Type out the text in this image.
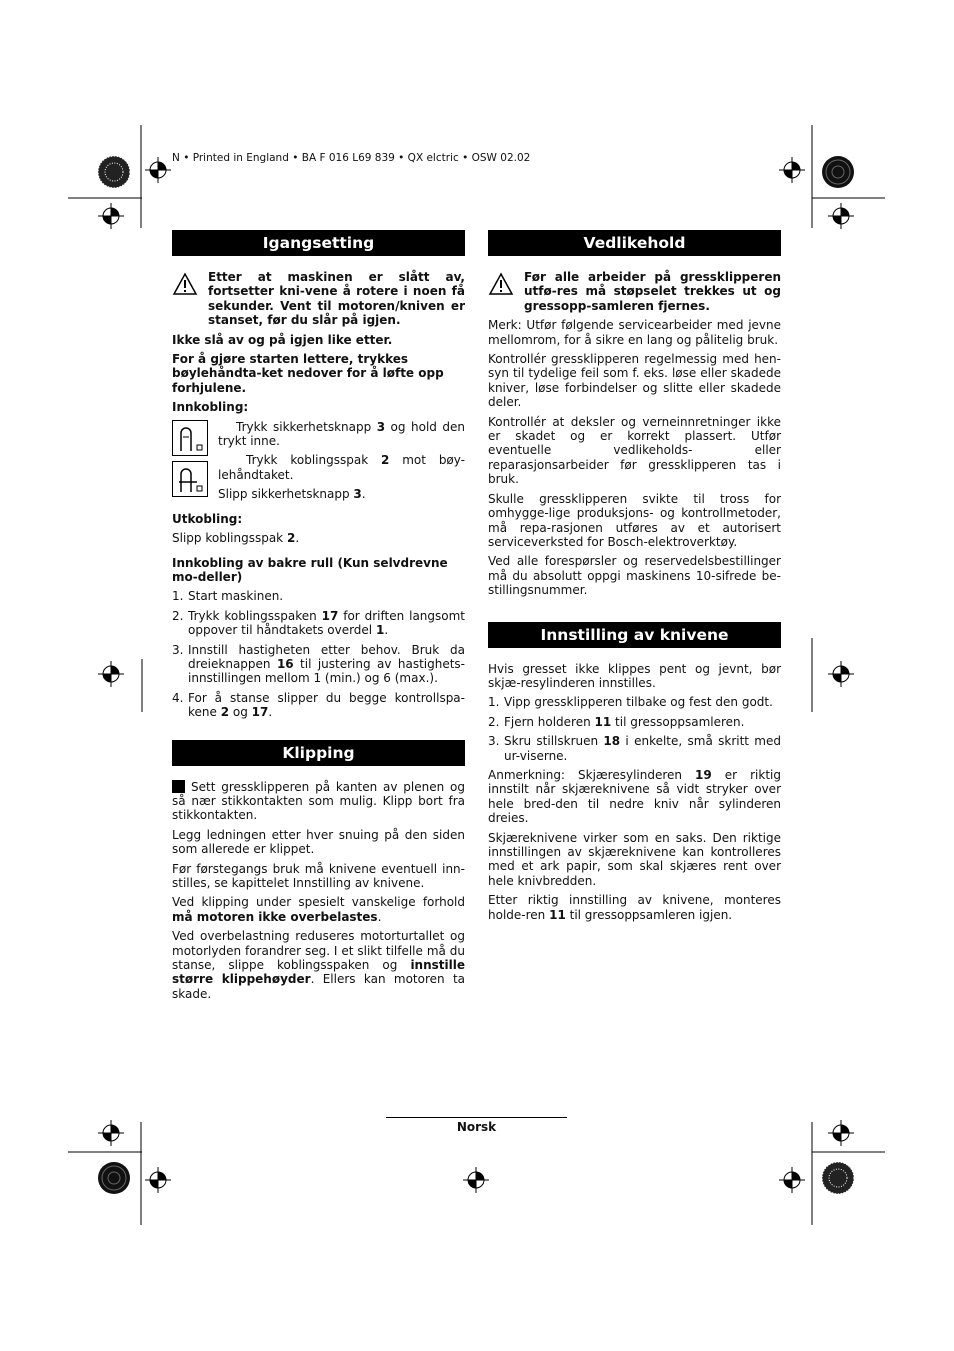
N • Printed in England • BA F 016 L69 839 • QX elctric • OSW 02.02
Igangsetting
Etter at maskinen er slått av, fortsetter kni-vene å rotere i noen få sekunder. Vent til motoren/kniven er stanset, før du slår på igjen.

Ikke slå av og på igjen like etter.

For å gjøre starten lettere, trykkes bøylehåndta-ket nedover for å løfte opp forhjulene.

Innkobling:

Trykk sikkerhetsknapp 3 og hold den trykt inne.

Trykk koblingsspak 2 mot bøy-lehåndtaket.

Slipp sikkerhetsknapp 3.

Utkobling:

Slipp koblingsspak 2.

Innkobling av bakre rull (Kun selvdrevne mo-deller)

1. Start maskinen.
2. Trykk koblingsspaken 17 for driften langsomt oppover til håndtakets overdel 1.
3. Innstill hastigheten etter behov. Bruk da dreieknappen 16 til justering av hastighets-innstillingen mellom 1 (min.) og 6 (max.).
4. For å stanse slipper du begge kontrollspa-kene 2 og 17.
Klipping

Sett gressklipperen på kanten av plenen og så nær stikkontakten som mulig. Klipp bort fra stikkontakten.

Legg ledningen etter hver snuing på den siden som allerede er klippet.

Før førstegangs bruk må knivene eventuell inn-stilles, se kapittelet Innstilling av knivene.

Ved klipping under spesielt vanskelige forhold må motoren ikke overbelastes.

Ved overbelastning reduseres motorturtallet og motorlyden forandrer seg. I et slikt tilfelle må du stanse, slippe koblingsspaken og innstille større klippehøyder. Ellers kan motoren ta skade.

Vedlikehold
Før alle arbeider på gressklipperen utfø-res må støpselet trekkes ut og gressopp-samleren fjernes.

Merk: Utfør følgende servicearbeider med jevne mellomrom, for å sikre en lang og pålitelig bruk.

Kontrollér gressklipperen regelmessig med hen-syn til tydelige feil som f. eks. løse eller skadede kniver, løse forbindelser og slitte eller skadede deler.

Kontrollér at deksler og verneinnretninger ikke er skadet og er korrekt plassert. Utfør eventuelle vedlikeholds- eller reparasjonsarbeider før gressklipperen tas i bruk.

Skulle gressklipperen svikte til tross for omhygge-lige produksjons- og kontrollmetoder, må repa-rasjonen utføres av et autorisert serviceverksted for Bosch-elektroverktøy.

Ved alle forespørsler og reservedelsbestillinger må du absolutt oppgi maskinens 10-sifrede be-stillingsnummer.

Innstilling av knivene

Hvis gresset ikke klippes pent og jevnt, bør skjæ-resylinderen innstilles.

1. Vipp gressklipperen tilbake og fest den godt.
2. Fjern holderen 11 til gressoppsamleren.
3. Skru stillskruen 18 i enkelte, små skritt med ur-viserne.

Anmerkning: Skjæresylinderen 19 er riktig innstilt når skjæreknivene så vidt stryker over hele bred-den til nedre kniv når sylinderen dreies.

Skjæreknivene virker som en saks. Den riktige innstillingen av skjæreknivene kan kontrolleres med et ark papir, som skal skjæres rent over hele knivbredden.

Etter riktig innstilling av knivene, monteres holde-ren 11 til gressoppsamleren igjen.

Norsk
